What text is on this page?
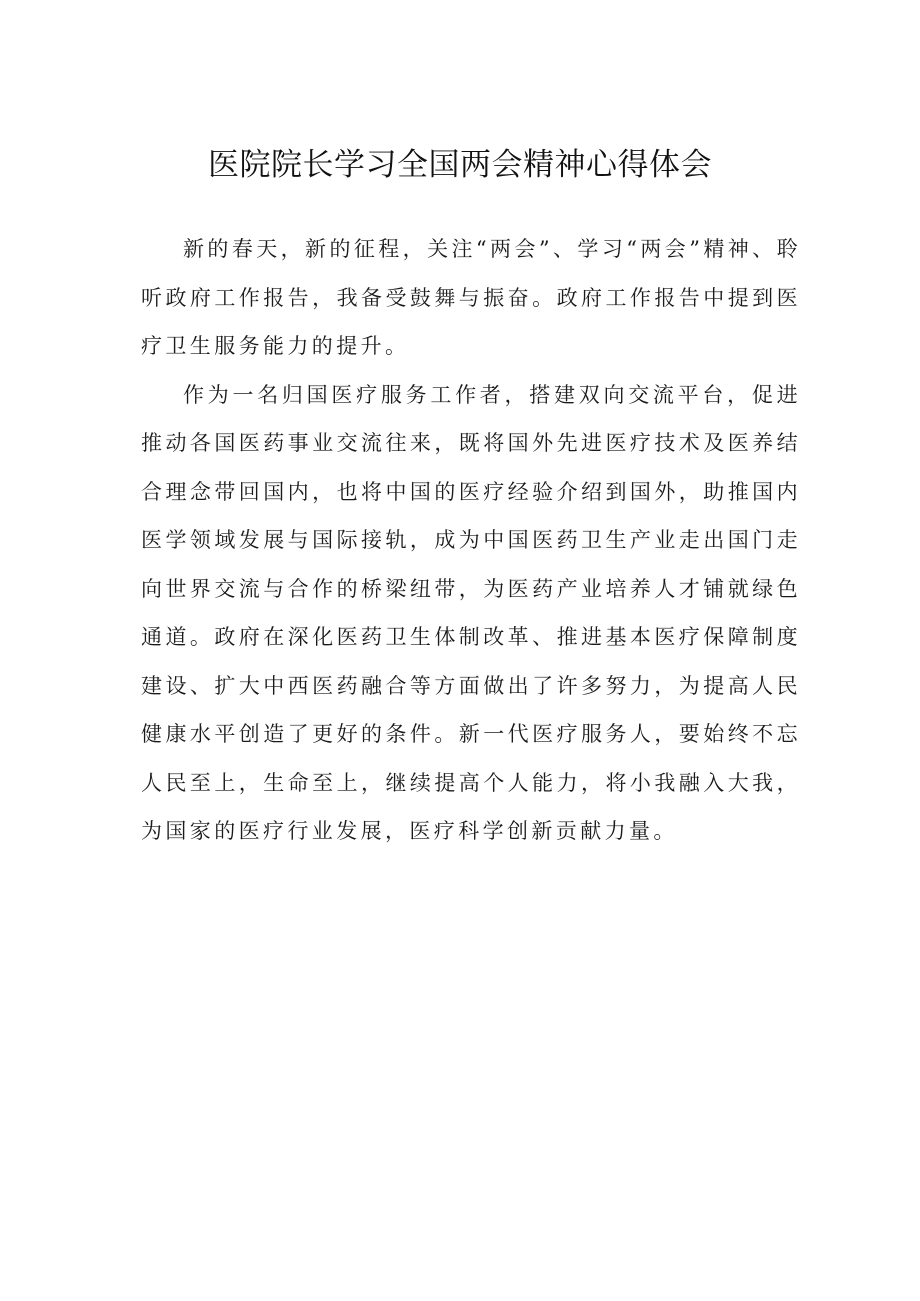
医院院长学习全国两会精神心得体会

新的春天，新的征程，关注“两会”、学习“两会”精神、聆听政府工作报告，我备受鼓舞与振奋。政府工作报告中提到医疗卫生服务能力的提升。

作为一名归国医疗服务工作者，搭建双向交流平台，促进推动各国医药事业交流往来，既将国外先进医疗技术及医养结合理念带回国内，也将中国的医疗经验介绍到国外，助推国内医学领域发展与国际接轨，成为中国医药卫生产业走出国门走向世界交流与合作的桥梁纽带，为医药产业培养人才铺就绿色通道。政府在深化医药卫生体制改革、推进基本医疗保障制度建设、扩大中西医药融合等方面做出了许多努力，为提高人民健康水平创造了更好的条件。新一代医疗服务人，要始终不忘人民至上，生命至上，继续提高个人能力，将小我融入大我，为国家的医疗行业发展，医疗科学创新贡献力量。
